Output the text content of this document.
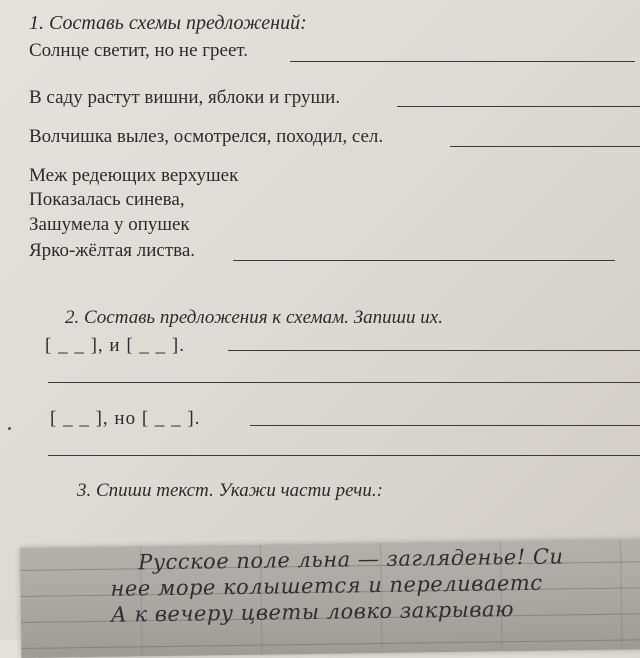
1. Составь схемы предложений:
Солнце светит, но не греет.
В саду растут вишни, яблоки и груши.
Волчишка вылез, осмотрелся, походил, сел.
Меж редеющих верхушек
Показалась синева,
Зашумела у опушек
Ярко-жёлтая листва.
2. Составь предложения к схемам. Запиши их.
[ _ _ ], и [ _ _ ].
[ _ _ ], но [ _ _ ].
3. Спиши текст. Укажи части речи.:
Русское поле льна — загляденье! Си
нее море колышется и переливаетс
А к вечеру цветы ловко закрываю
